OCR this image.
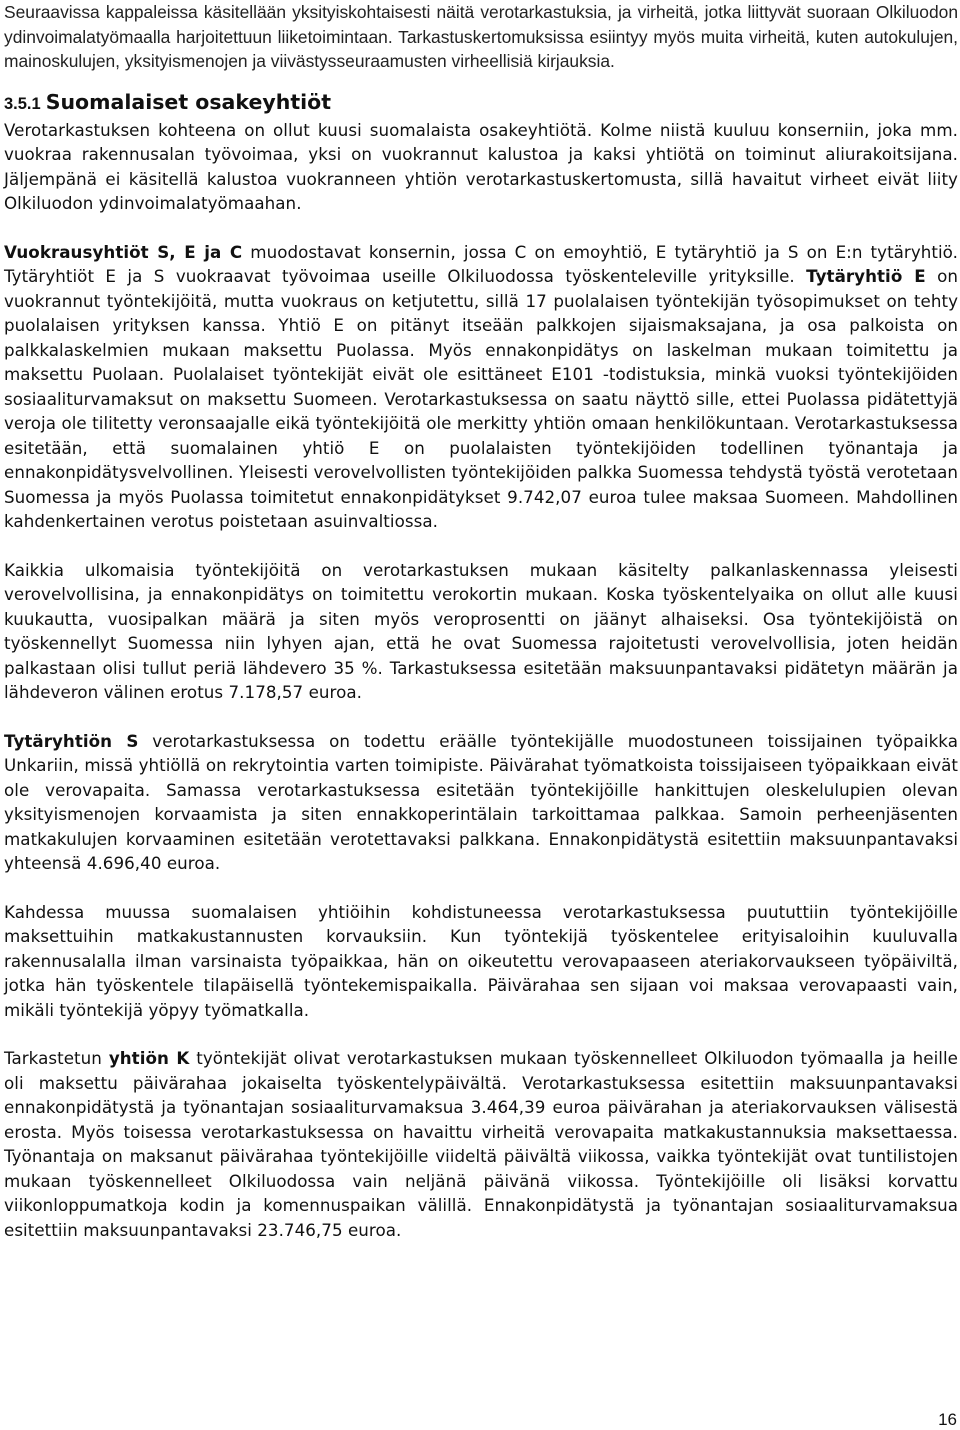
Seuraavissa kappaleissa käsitellään yksityiskohtaisesti näitä verotarkastuksia, ja virheitä, jotka liittyvät suoraan Olkiluodon ydinvoimalatyömaalla harjoitettuun liiketoimintaan. Tarkastuskertomuksissa esiintyy myös muita virheitä, kuten autokulujen, mainoskulujen, yksityismenojen ja viivästysseuraamusten virheellisiä kirjauksia.

3.5.1 Suomalaiset osakeyhtiöt

Verotarkastuksen kohteena on ollut kuusi suomalaista osakeyhtiötä. Kolme niistä kuuluu konserniin, joka mm. vuokraa rakennusalan työvoimaa, yksi on vuokrannut kalustoa ja kaksi yhtiötä on toiminut aliurakoitsijana. Jäljempänä ei käsitellä kalustoa vuokranneen yhtiön verotarkastuskertomusta, sillä havaitut virheet eivät liity Olkiluodon ydinvoimalatyömaahan.

Vuokrausyhtiöt S, E ja C muodostavat konsernin, jossa C on emoyhtiö, E tytäryhtiö ja S on E:n tytäryhtiö. Tytäryhtiöt E ja S vuokraavat työvoimaa useille Olkiluodossa työskenteleville yrityksille. Tytäryhtiö E on vuokrannut työntekijöitä, mutta vuokraus on ketjutettu, sillä 17 puolalaisen työntekijän työsopimukset on tehty puolalaisen yrityksen kanssa. Yhtiö E on pitänyt itseään palkkojen sijaismaksajana, ja osa palkoista on palkkalaskelmien mukaan maksettu Puolassa. Myös ennakonpidätys on laskelman mukaan toimitettu ja maksettu Puolaan. Puolalaiset työntekijät eivät ole esittäneet E101 -todistuksia, minkä vuoksi työntekijöiden sosiaaliturvamaksut on maksettu Suomeen. Verotarkastuksessa on saatu näyttö sille, ettei Puolassa pidätettyjä veroja ole tilitetty veronsaajalle eikä työntekijöitä ole merkitty yhtiön omaan henkilökuntaan. Verotarkastuksessa esitetään, että suomalainen yhtiö E on puolalaisten työntekijöiden todellinen työnantaja ja ennakonpidätysvelvollinen. Yleisesti verovelvollisten työntekijöiden palkka Suomessa tehdystä työstä verotetaan Suomessa ja myös Puolassa toimitetut ennakonpidätykset 9.742,07 euroa tulee maksaa Suomeen. Mahdollinen kahdenkertainen verotus poistetaan asuinvaltiossa.

Kaikkia ulkomaisia työntekijöitä on verotarkastuksen mukaan käsitelty palkanlaskennassa yleisesti verovelvollisina, ja ennakonpidätys on toimitettu verokortin mukaan. Koska työskentelyaika on ollut alle kuusi kuukautta, vuosipalkan määrä ja siten myös veroprosentti on jäänyt alhaiseksi. Osa työntekijöistä on työskennellyt Suomessa niin lyhyen ajan, että he ovat Suomessa rajoitetusti verovelvollisia, joten heidän palkastaan olisi tullut periä lähdevero 35 %. Tarkastuksessa esitetään maksuunpantavaksi pidätetyn määrän ja lähdeveron välinen erotus 7.178,57 euroa.

Tytäryhtiön S verotarkastuksessa on todettu eräälle työntekijälle muodostuneen toissijainen työpaikka Unkariin, missä yhtiöllä on rekrytointia varten toimipiste. Päivärahat työmatkoista toissijaiseen työpaikkaan eivät ole verovapaita. Samassa verotarkastuksessa esitetään työntekijöille hankittujen oleskelulupien olevan yksityismenojen korvaamista ja siten ennakkoperintälain tarkoittamaa palkkaa. Samoin perheenjäsenten matkakulujen korvaaminen esitetään verotettavaksi palkkana. Ennakonpidätystä esitettiin maksuunpantavaksi yhteensä 4.696,40 euroa.

Kahdessa muussa suomalaisen yhtiöihin kohdistuneessa verotarkastuksessa puututtiin työntekijöille maksettuihin matkakustannusten korvauksiin. Kun työntekijä työskentelee erityisaloihin kuuluvalla rakennusalalla ilman varsinaista työpaikkaa, hän on oikeutettu verovapaaseen ateriakorvaukseen työpäiviltä, jotka hän työskentele tilapäisellä työntekemispaikalla. Päivärahaa sen sijaan voi maksaa verovapaasti vain, mikäli työntekijä yöpyy työmatkalla.

Tarkastetun yhtiön K työntekijät olivat verotarkastuksen mukaan työskennelleet Olkiluodon työmaalla ja heille oli maksettu päivärahaa jokaiselta työskentelypäivältä. Verotarkastuksessa esitettiin maksuunpantavaksi ennakonpidätystä ja työnantajan sosiaaliturvamaksua 3.464,39 euroa päivärahan ja ateriakorvauksen välisestä erosta. Myös toisessa verotarkastuksessa on havaittu virheitä verovapaita matkakustannuksia maksettaessa. Työnantaja on maksanut päivärahaa työntekijöille viideltä päivältä viikossa, vaikka työntekijät ovat tuntilistojen mukaan työskennelleet Olkiluodossa vain neljänä päivänä viikossa. Työntekijöille oli lisäksi korvattu viikonloppumatkoja kodin ja komennuspaikan välillä. Ennakonpidätystä ja työnantajan sosiaaliturvamaksua esitettiin maksuunpantavaksi 23.746,75 euroa.

16
